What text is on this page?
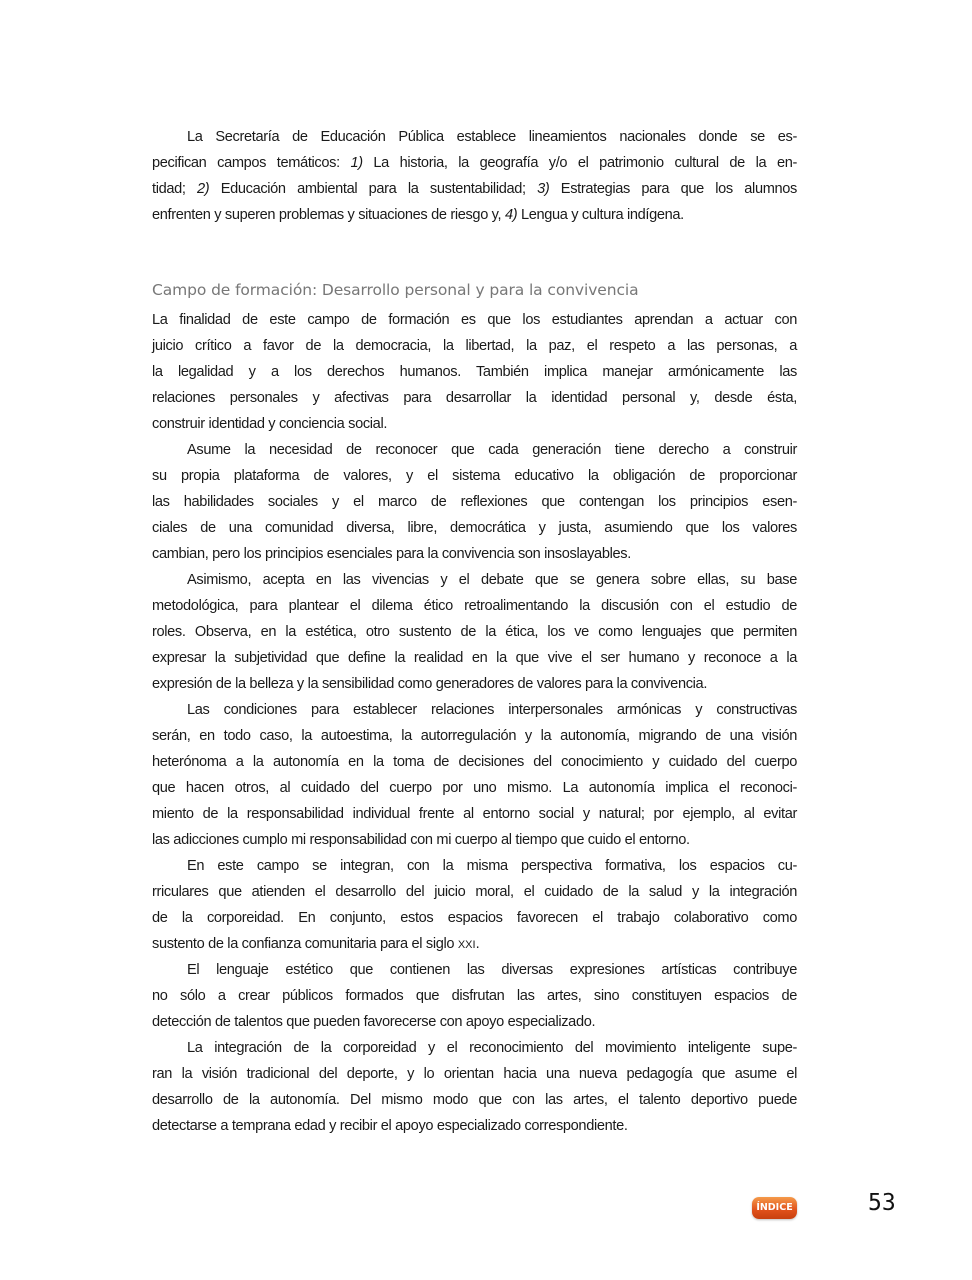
La Secretaría de Educación Pública establece lineamientos nacionales donde se es-
pecifican campos temáticos: 1) La historia, la geografía y/o el patrimonio cultural de la en-
tidad; 2) Educación ambiental para la sustentabilidad; 3) Estrategias para que los alumnos
enfrenten y superen problemas y situaciones de riesgo y, 4) Lengua y cultura indígena.
Campo de formación: Desarrollo personal y para la convivencia
La finalidad de este campo de formación es que los estudiantes aprendan a actuar con
juicio crítico a favor de la democracia, la libertad, la paz, el respeto a las personas, a
la legalidad y a los derechos humanos. También implica manejar armónicamente las
relaciones personales y afectivas para desarrollar la identidad personal y, desde ésta,
construir identidad y conciencia social.
Asume la necesidad de reconocer que cada generación tiene derecho a construir
su propia plataforma de valores, y el sistema educativo la obligación de proporcionar
las habilidades sociales y el marco de reflexiones que contengan los principios esen-
ciales de una comunidad diversa, libre, democrática y justa, asumiendo que los valores
cambian, pero los principios esenciales para la convivencia son insoslayables.
Asimismo, acepta en las vivencias y el debate que se genera sobre ellas, su base
metodológica, para plantear el dilema ético retroalimentando la discusión con el estudio de
roles. Observa, en la estética, otro sustento de la ética, los ve como lenguajes que permiten
expresar la subjetividad que define la realidad en la que vive el ser humano y reconoce a la
expresión de la belleza y la sensibilidad como generadores de valores para la convivencia.
Las condiciones para establecer relaciones interpersonales armónicas y constructivas
serán, en todo caso, la autoestima, la autorregulación y la autonomía, migrando de una visión
heterónoma a la autonomía en la toma de decisiones del conocimiento y cuidado del cuerpo
que hacen otros, al cuidado del cuerpo por uno mismo. La autonomía implica el reconoci-
miento de la responsabilidad individual frente al entorno social y natural; por ejemplo, al evitar
las adicciones cumplo mi responsabilidad con mi cuerpo al tiempo que cuido el entorno.
En este campo se integran, con la misma perspectiva formativa, los espacios cu-
rriculares que atienden el desarrollo del juicio moral, el cuidado de la salud y la integración
de la corporeidad. En conjunto, estos espacios favorecen el trabajo colaborativo como
sustento de la confianza comunitaria para el siglo XXI.
El lenguaje estético que contienen las diversas expresiones artísticas contribuye
no sólo a crear públicos formados que disfrutan las artes, sino constituyen espacios de
detección de talentos que pueden favorecerse con apoyo especializado.
La integración de la corporeidad y el reconocimiento del movimiento inteligente supe-
ran la visión tradicional del deporte, y lo orientan hacia una nueva pedagogía que asume el
desarrollo de la autonomía. Del mismo modo que con las artes, el talento deportivo puede
detectarse a temprana edad y recibir el apoyo especializado correspondiente.
ÍNDICE	53
